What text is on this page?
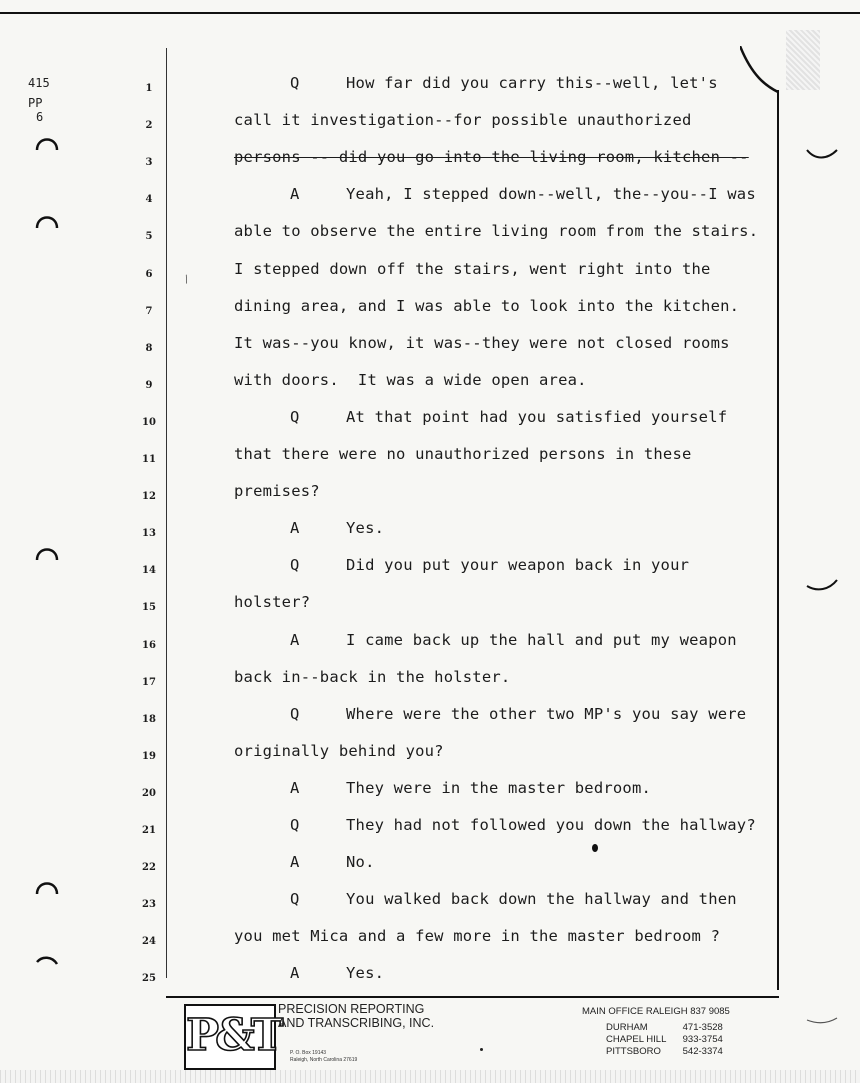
415
PP
6
⁄
1	Q	How far did you carry this--well, let's
2	call it investigation--for possible unauthorized
3	persons -- did you go into the living room, kitchen --
4	A	Yeah, I stepped down--well, the--you--I was
5	able to observe the entire living room from the stairs.
6	I stepped down off the stairs, went right into the
7	dining area, and I was able to look into the kitchen.
8	It was--you know, it was--they were not closed rooms
9	with doors.  It was a wide open area.
10	Q	At that point had you satisfied yourself
11	that there were no unauthorized persons in these
12	premises?
13	A	Yes.
14	Q	Did you put your weapon back in your
15	holster?
16	A	I came back up the hall and put my weapon
17	back in--back in the holster.
18	Q	Where were the other two MP's you say were
19	originally behind you?
20	A	They were in the master bedroom.
21	Q	They had not followed you down the hallway?
22	A	No.
23	Q	You walked back down the hallway and then
24	you met Mica and a few more in the master bedroom ?
25	A	Yes.
P&T
PRECISION REPORTING
AND TRANSCRIBING, INC.
P. O. Box 19143
Raleigh, North Carolina 27619
MAIN OFFICE RALEIGH 837 9085
DURHAM	471-3528
CHAPEL HILL 933-3754
PITTSBORO 542-3374
